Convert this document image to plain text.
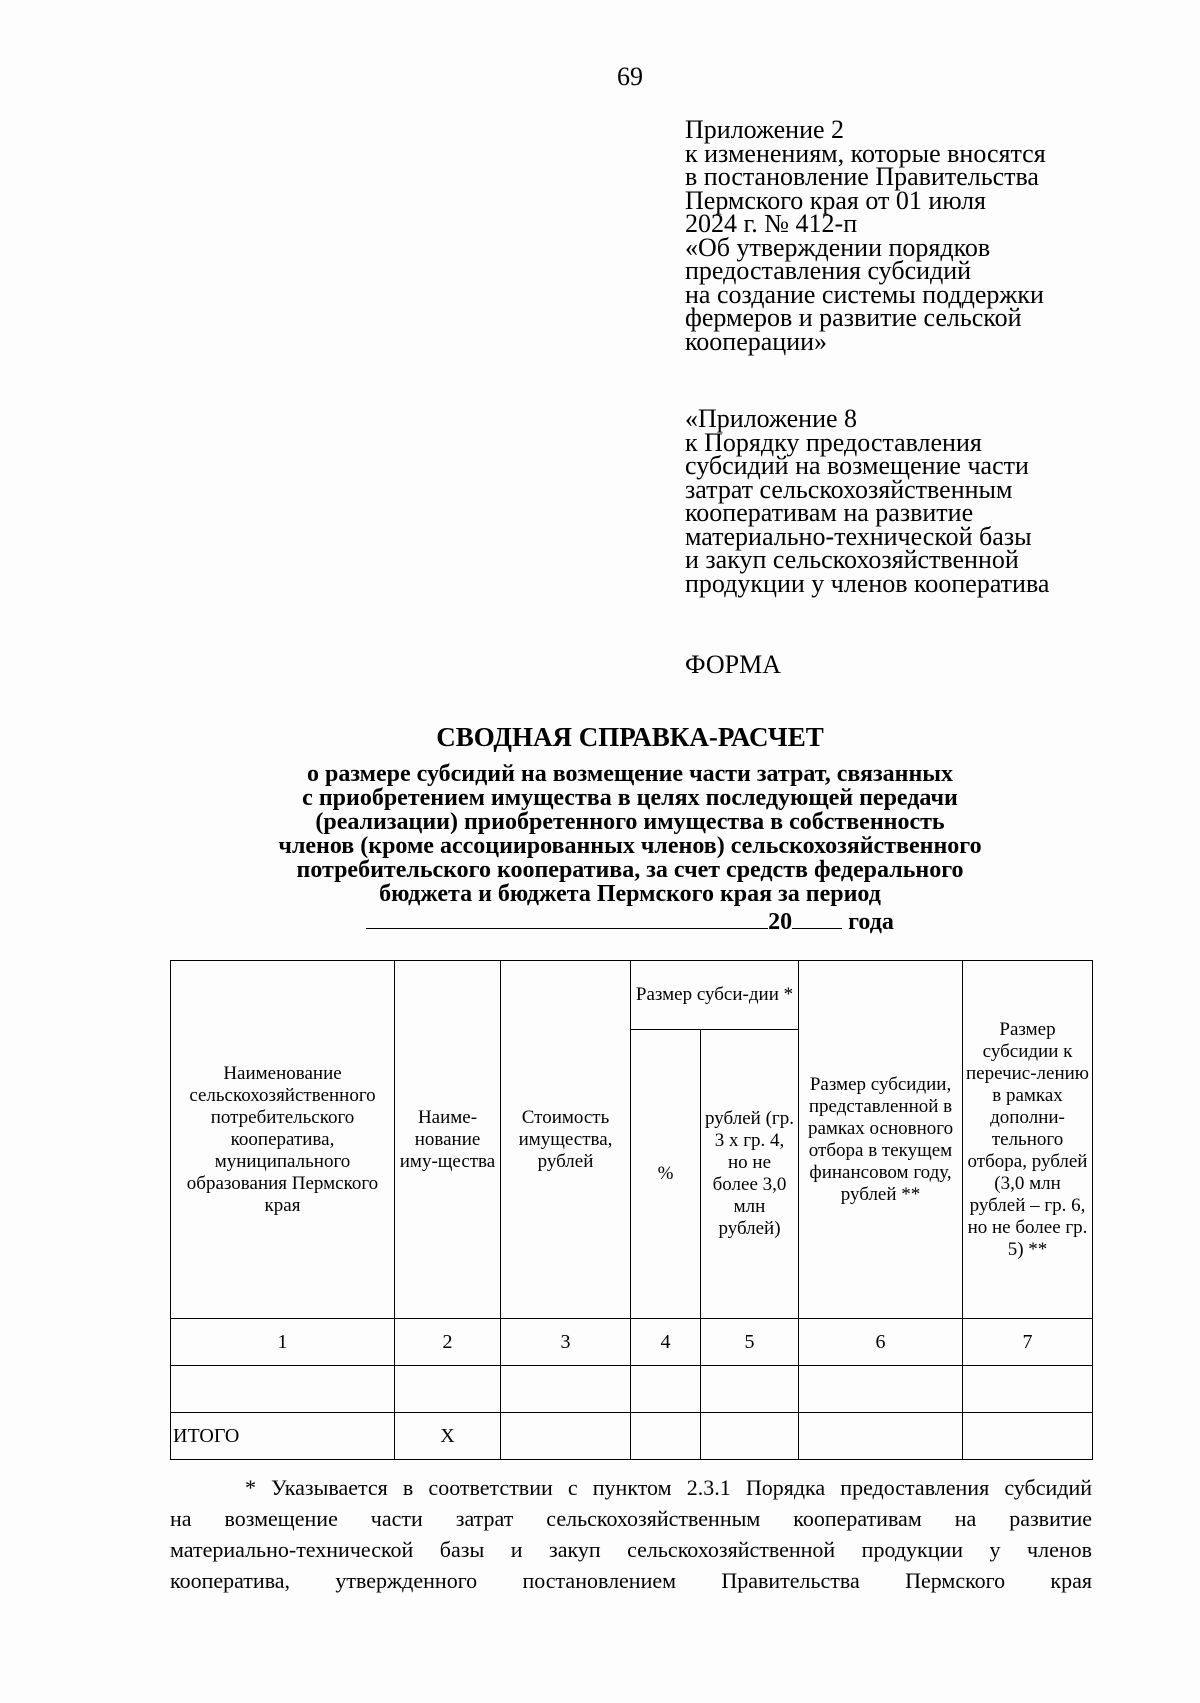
69
Приложение 2
к изменениям, которые вносятся
в постановление Правительства
Пермского края от 01 июля
2024 г. № 412-п
«Об утверждении порядков
предоставления субсидий
на создание системы поддержки
фермеров и развитие сельской
кооперации»
«Приложение 8
к Порядку предоставления
субсидий на возмещение части
затрат сельскохозяйственным
кооперативам на развитие
материально-технической базы
и закуп сельскохозяйственной
продукции у членов кооператива
ФОРМА
СВОДНАЯ СПРАВКА-РАСЧЕТ
о размере субсидий на возмещение части затрат, связанных
с приобретением имущества в целях последующей передачи
(реализации) приобретенного имущества в собственность
членов (кроме ассоциированных членов) сельскохозяйственного
потребительского кооператива, за счет средств федерального
бюджета и бюджета Пермского края за период
20 года
Наименование сельскохозяйственного потребительского кооператива, муниципального образования Пермского края	Наиме-нование иму-щества	Стоимость имущества, рублей	Размер субси-дии *		Размер субсидии, представленной в рамках основного отбора в текущем финансовом году, рублей **	Размер субсидии к перечис-лению в рамках дополни-тельного отбора, рублей (3,0 млн рублей – гр. 6, но не более гр. 5) **
			%	рублей (гр. 3 х гр. 4, но не более 3,0 млн рублей)		
1	2	3	4	5	6	7

ИТОГО	Х					

* Указывается в соответствии с пунктом 2.3.1 Порядка предоставления субсидий

на возмещение части затрат сельскохозяйственным кооперативам на развитие

материально-технической базы и закуп сельскохозяйственной продукции у членов

кооператива, утвержденного постановлением Правительства Пермского края
